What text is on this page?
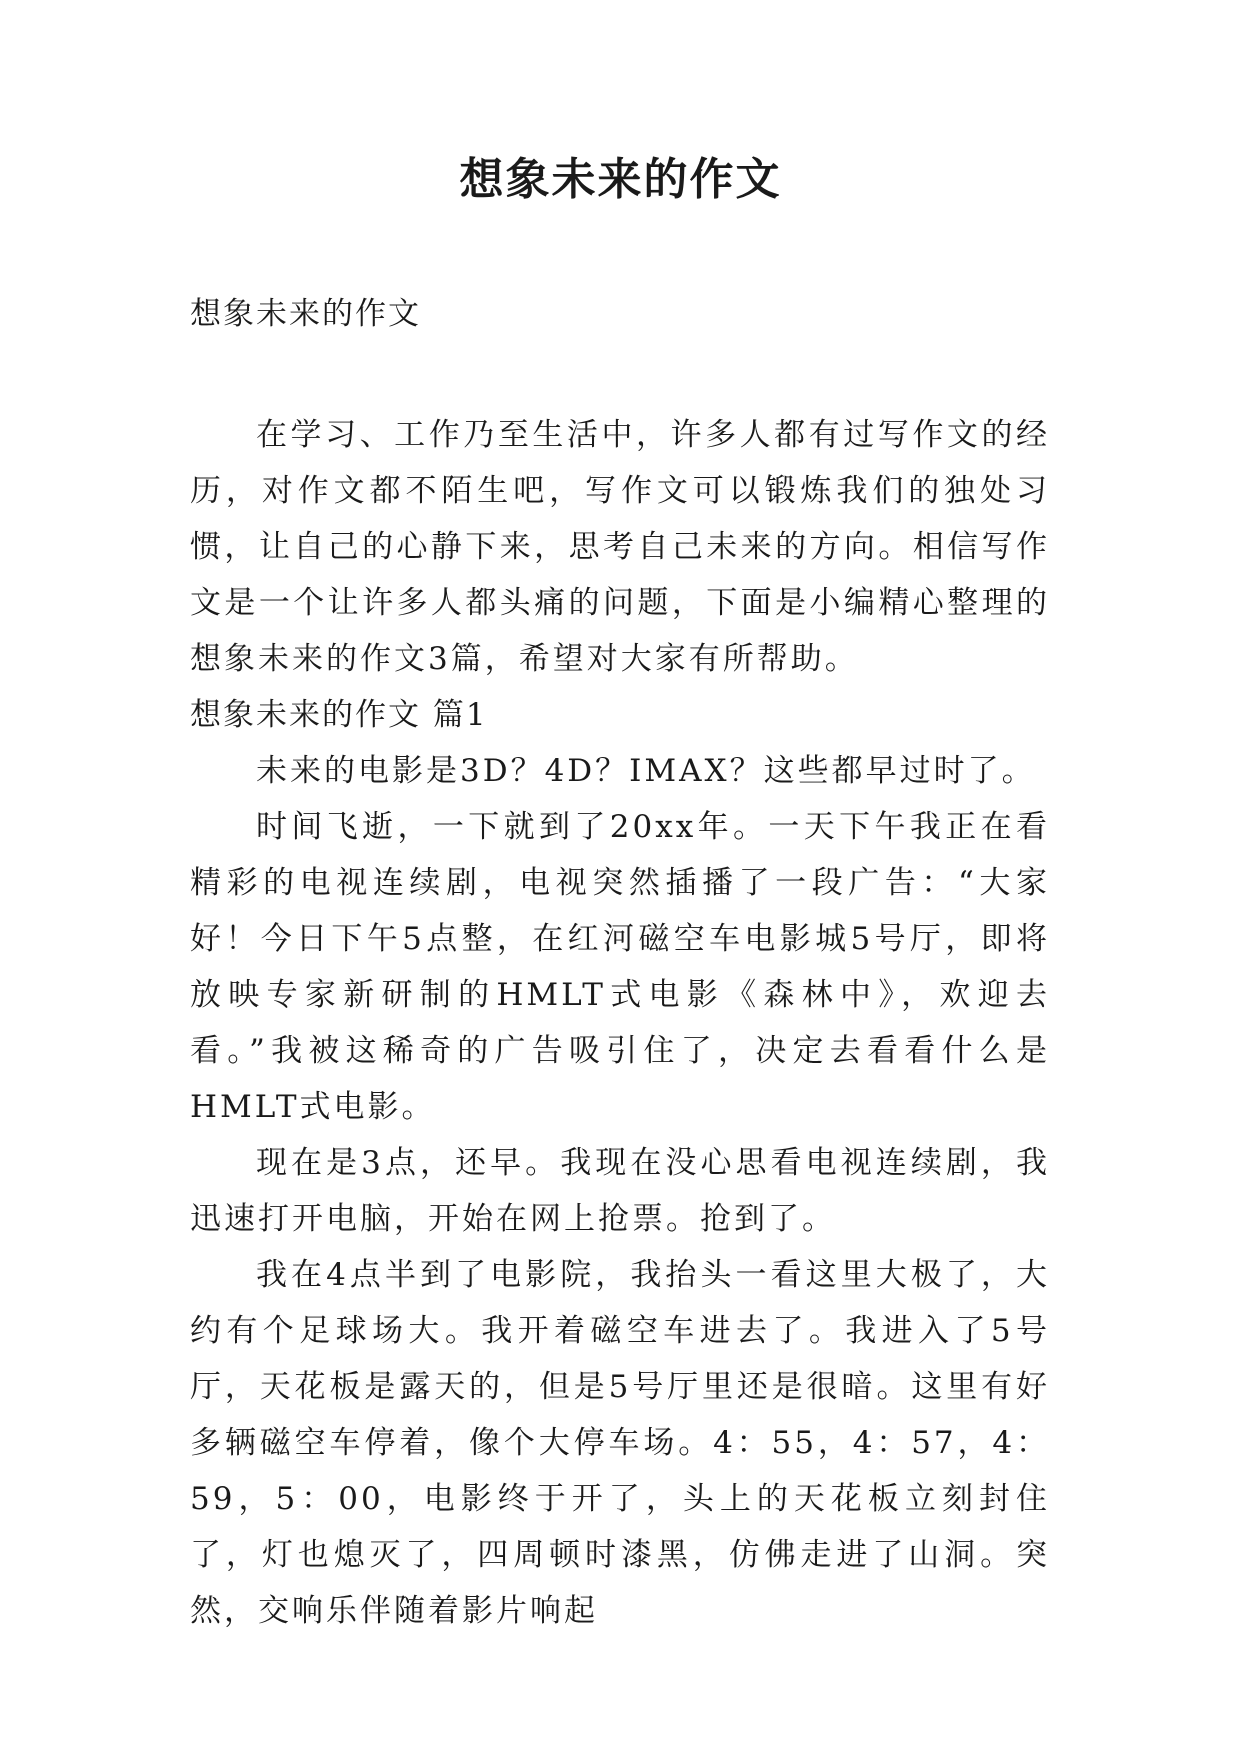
想象未来的作文
想象未来的作文

在学习、工作乃至生活中，许多人都有过写作文的经历，对作文都不陌生吧，写作文可以锻炼我们的独处习惯，让自己的心静下来，思考自己未来的方向。相信写作文是一个让许多人都头痛的问题，下面是小编精心整理的想象未来的作文3篇，希望对大家有所帮助。

想象未来的作文 篇1

未来的电影是3D？4D？IMAX？这些都早过时了。

时间飞逝，一下就到了20xx年。一天下午我正在看精彩的电视连续剧，电视突然插播了一段广告：“大家好！今日下午5点整，在红河磁空车电影城5号厅，即将放映专家新研制的HMLT式电影《森林中》，欢迎去看。”我被这稀奇的广告吸引住了，决定去看看什么是HMLT式电影。

现在是3点，还早。我现在没心思看电视连续剧，我迅速打开电脑，开始在网上抢票。抢到了。

我在4点半到了电影院，我抬头一看这里大极了，大约有个足球场大。我开着磁空车进去了。我进入了5号厅，天花板是露天的，但是5号厅里还是很暗。这里有好多辆磁空车停着，像个大停车场。4：55，4：57，4：59，5：00，电影终于开了，头上的天花板立刻封住了，灯也熄灭了，四周顿时漆黑，仿佛走进了山洞。突然，交响乐伴随着影片响起
